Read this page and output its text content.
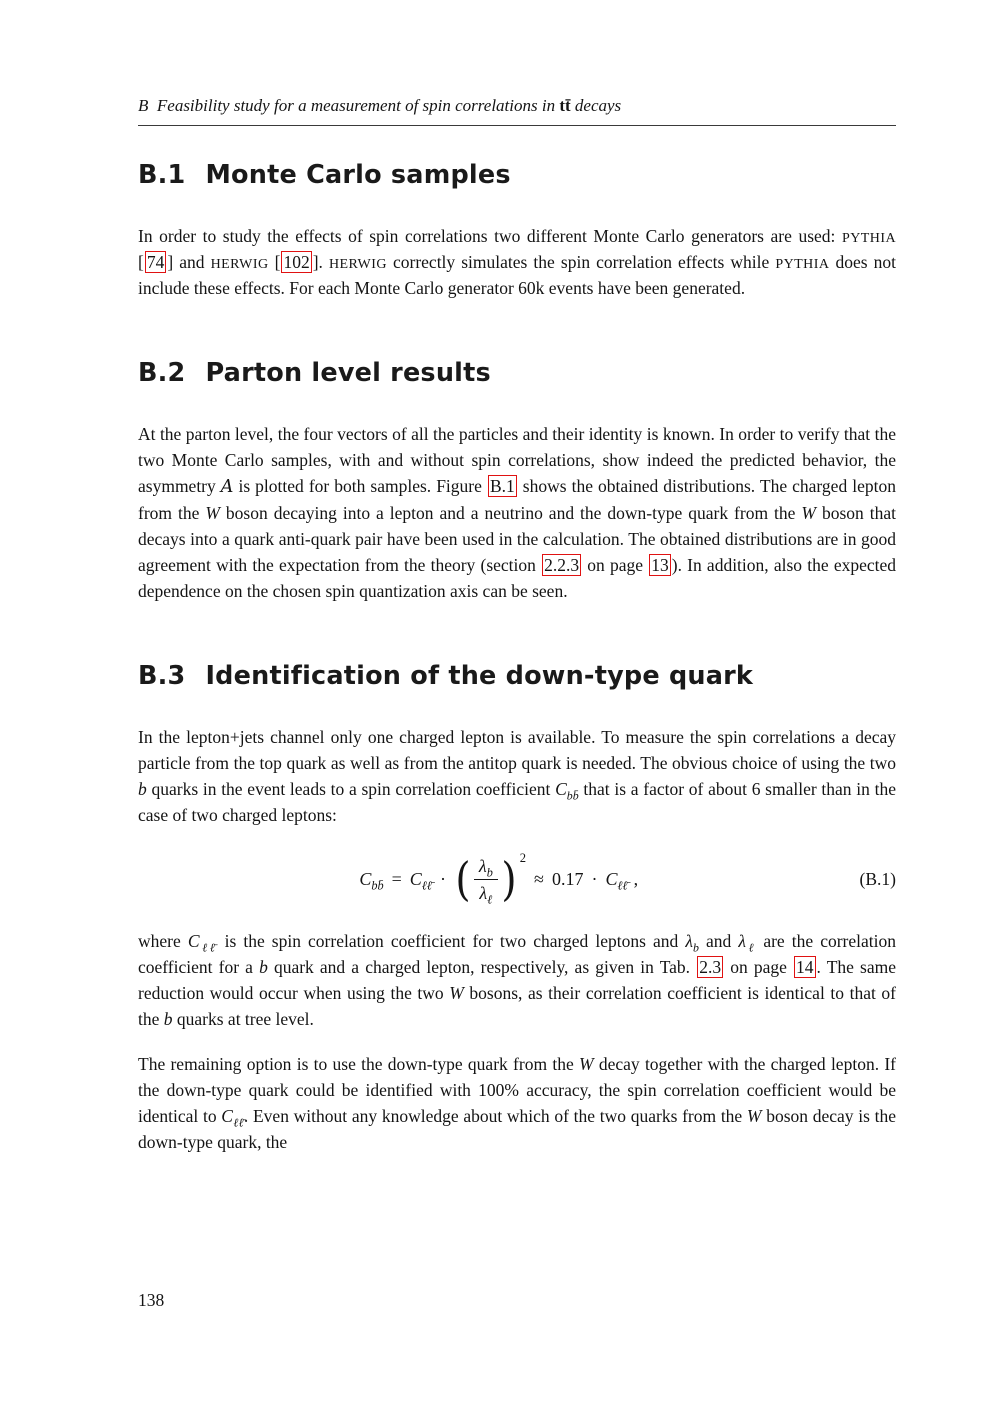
B Feasibility study for a measurement of spin correlations in tt̄ decays
B.1 Monte Carlo samples

In order to study the effects of spin correlations two different Monte Carlo generators are used: PYTHIA [ 74 ] and HERWIG [ 102 ]. HERWIG correctly simulates the spin correlation effects while PYTHIA does not include these effects. For each Monte Carlo generator 60k events have been generated.

B.2 Parton level results

At the parton level, the four vectors of all the particles and their identity is known. In order to verify that the two Monte Carlo samples, with and without spin correlations, show indeed the predicted behavior, the asymmetry A is plotted for both samples. Figure B.1 shows the obtained distributions. The charged lepton from the W boson decaying into a lepton and a neutrino and the down-type quark from the W boson that decays into a quark anti-quark pair have been used in the calculation. The obtained distributions are in good agreement with the expectation from the theory (section 2.2.3 on page 13 ). In addition, also the expected dependence on the chosen spin quantization axis can be seen.

B.3 Identification of the down-type quark

In the lepton+jets channel only one charged lepton is available. To measure the spin correlations a decay particle from the top quark as well as from the antitop quark is needed. The obvious choice of using the two b quarks in the event leads to a spin correlation coefficient $C_{bb̄}$ that is a factor of about 6 smaller than in the case of two charged leptons:

$C_{bb̄} = C_{\ell\ell̄}$ · ( $\frac{\lambda_b}{\lambda_\ell}$ ) 2
≈ $0.17 \cdot C_{\ell\ell̄}$ ,	(B.1)

where $C_{\ell\ell̄}$ is the spin correlation coefficient for two charged leptons and $\lambda_b$ and $\lambda_\ell$ are the correlation coefficient for a b quark and a charged lepton, respectively, as given in Tab. 2.3 on page 14 . The same reduction would occur when using the two W bosons, as their correlation coefficient is identical to that of the b quarks at tree level.

The remaining option is to use the down-type quark from the W decay together with the charged lepton. If the down-type quark could be identified with 100% accuracy, the spin correlation coefficient would be identical to $C_{\ell\ell̄}$. Even without any knowledge about which of the two quarks from the W boson decay is the down-type quark, the

138
